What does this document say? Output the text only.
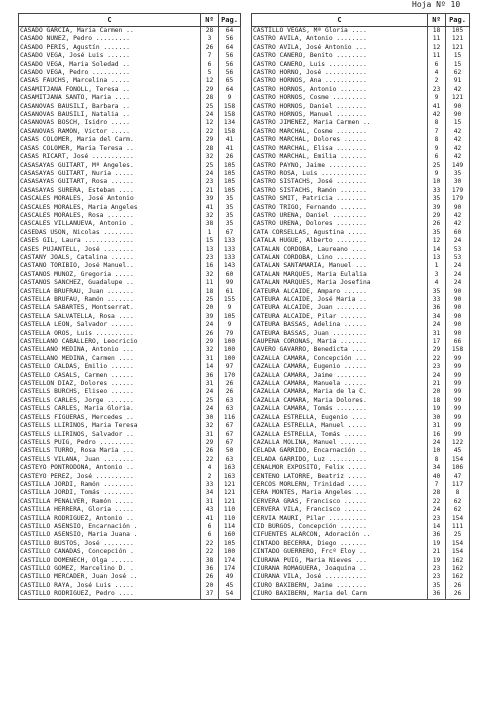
Hoja Nº 10
C	Nº	Pag.
CASADO GARCIA, Maria Carmen ..	28	64
CASADO NUÑEZ, Pedro .........	3	56
CASADO PERIS, Agustín .......	26	64
CASADO VEGA, José Luis ......	7	56
CASADO VEGA, Maria Soledad ..	6	56
CASADO VEGA, Pedro ..........	5	56
CASAS FAUCHS, Marcelina .....	12	65
CASAMITJANA FONOLL, Teresa ..	29	64
CASAMITJANA SANTO, Maria ....	28	9
CASANOVAS BAUSILI, Barbara ..	25	158
CASANOVAS BAUSILI, Natalia ..	24	158
CASANOVAS BOSCH, Isidro .....	12	134
CASANOVAS RAMON, Victor .....	22	158
CASAS COLOMER, Maria del Carm.	29	41
CASAS COLOMER, Maria Teresa ..	28	41
CASAS RICART, José ...........	32	26
CASASAYAS GUITART, Mª Angeles.	25	105
CASASAYAS GUITART, Nuria .....	24	105
CASASAYAS GUITART, Rosa ......	23	105
CASASAYAS SURERA, Esteban ....	21	105
CASCALES MORALES, José Antonio	39	35
CASCALES MORALES, Maria Angeles	41	35
CASCALES MORALES, Rosa .......	32	35
CASCALES VILLANUEVA, Antonio .	38	35
CASEDAS USON, Nicolas ........	1	67
CASES GIL, Laura .............	15	133
CASES PUJANTELL, José ........	13	133
CASTANY JOALS, Catalina ......	23	133
CASTAÑO TORIBIO, José Manuel..	16	143
CASTAÑOS MUÑOZ, Gregoria .....	32	60
CASTAÑOS SANCHEZ, Guadalupe ..	11	99
CASTELLA BRUFRAU, Juan .......	18	61
CASTELLA BRUFAU, Ramón .......	25	155
CASTELLA SABARTES, Montserrat.	20	9
CASTELLA SALVATELLA, Rosa ....	39	105
CASTELLA LEON, Salvador ......	24	9
CASTELLA OROS, Luis ..........	26	79
CASTELLANO CABALLERO, Leocricio	29	100
CASTELLANO MEDINA, Antonio ...	32	100
CASTELLANO MEDINA, Carmen ....	31	100
CASTELLO CALDAS, Emilio ......	14	97
CASTELLO CASALS, Carmen ......	36	170
CASTELLON DIAZ, Dolores ......	31	26
CASTELLS BURCHS, Eliseo ......	24	26
CASTELLS CARLES, Jorge .......	25	63
CASTELLS CARLES, Maria Gloria.	24	63
CASTELLS FIGUERAS, Mercedes ..	30	116
CASTELLS LLIRINOS, Maria Teresa	32	67
CASTELLS LLIRINOS, Salvador ..	31	67
CASTELLS PUIG, Pedro .........	29	67
CASTELLS TURRO, Rosa Maria ...	26	50
CASTELLS VILANA, Juan ........	22	63
CASTEYO PONTRODONA, Antonio ..	4	163
CASTEYO PEREZ, José ..........	2	163
CASTILLA JORDI, Ramón ........	33	121
CASTILLA JORDI, Tomás ........	34	121
CASTILLA PEÑALVER, Ramón .....	31	121
CASTILLA HERRERA, Gloria .....	43	110
CASTILLA RODRIGUEZ, Antonio ..	41	110
CASTILLO ASENSIO, Encarnación .	6	114
CASTILLO ASENSIO, Maria Juana .	6	160
CASTILLO BUSTOS, José ........	22	105
CASTILLO CAÑADAS, Concepción .	22	100
CASTILLO DOMENECH, Olga ......	38	174
CASTILLO GOMEZ, Marcelino D. .	36	174
CASTILLO MERCADER, Juan José ..	26	49
CASTILLO RAYA, José Luis .....	20	45
CASTILLO RODRIGUEZ, Pedro ....	37	54
C	Nº	Pag.
CASTILLO VEGAS, Mª Gloria ....	18	105
CASTRO AVILA, Antonio ........	11	121
CASTRO AVILA, José Antonio ...	12	121
CASTRO CAÑERO, Benito ........	11	15
CASTRO CAÑERO, Luis ..........	6	15
CASTRO HORNO, José ...........	4	62
CASTRO HORNOS, Ana ...........	2	91
CASTRO HORNOS, Antonio .......	23	42
CASTRO HORNOS, Cosme .........	9	121
CASTRO HORNOS, Daniel ........	41	90
CASTRO HORNOS, Manuel ........	42	90
CASTRO JIMENEZ, Maria Carmen ..	8	15
CASTRO MARCHAL, Cosme ........	7	42
CASTRO MARCHAL, Dolores ......	8	42
CASTRO MARCHAL, Elisa ........	9	42
CASTRO MARCHAL, Emilia .......	6	42
CASTRO PAYNO, Jaime ..........	25	149
CASTRO ROSA, Luis ............	9	35
CASTRO SISTACHS, José ........	10	30
CASTRO SISTACHS, Ramón .......	33	179
CASTRO SMIT, Patricia ........	35	179
CASTRO TRIGO, Fernando .......	39	90
CASTRO UREÑA, Daniel .........	29	42
CASTRO UREÑA, Dolores ........	26	42
CATA CORSELLAS, Agustina .....	35	60
CATALA HUGUE, Alberto ........	12	24
CATALAN CORDOBA, Laureano ....	14	53
CATALAN CORDOBA, Lino ........	13	53
CATALAN SANTAMARIA, Manuel ...	1	24
CATALAN MARQUES, Maria Eulalia	3	24
CATALAN MARQUES, Maria Josefina	4	24
CATEURA ALCAIDE, Amparo ......	35	90
CATEURA ALCAIDE, José Maria ..	33	90
CATEURA ALCAIDE, Juan ........	36	90
CATEURA ALCAIDE, Pilar .......	34	90
CATEURA BASSAS, Adelina ......	24	90
CATEURA BASSAS, Juan .........	31	90
CAUPENA CORONAS, Maria .......	17	66
CAVERO GAVARRO, Benedicta ....	29	158
CAZALLA CAMARA, Concepción ...	22	99
CAZALLA CAMARA, Eugenio ......	23	99
CAZALLA CAMARA, Jaime ........	24	99
CAZALLA CAMARA, Manuela ......	21	99
CAZALLA CAMARA, Maria de la C.	20	99
CAZALLA CAMARA, Maria Dolores.	18	99
CAZALLA CAMARA, Tomás ........	19	99
CAZALLA ESTRELLA, Eugenio ....	30	99
CAZALLA ESTRELLA, Manuel .....	31	99
CAZALLA ESTRELLA, Tomás ......	16	99
CAZALLA MOLINA, Manuel .......	24	122
CELADA GARRIDO, Encarnación ..	10	45
CELADA GARRIDO, Luz ..........	8	154
CENALMOR EXPOSITO, Felix .....	34	106
CENTENO LATORRE, Beatriz .....	40	47
CERCOS MORLERN, Trinidad .....	7	117
CERA MONTES, Maria Angeles ...	28	8
CERVERA GRAS, Francisco ......	22	62
CERVERA VILA, Francisco ......	24	62
CERVIA MAURI, Pilar ..........	23	154
CID BURGOS, Concepción .......	14	111
CIFUENTES ALARCON, Adoración ..	36	25
CINTADO BECERRA, Diego .......	19	154
CINTADO GUERRERO, Frcº Eloy ..	21	154
CIURANA PUIG, Maria Nieves ...	19	162
CIURANA ROMAGUERA, Joaquina ..	23	162
CIURANA VILA, José ...........	23	162
CIURO BAXIBERN, Jaime ........	35	26
CIURO BAXIBERN, Maria del Carm	36	26
